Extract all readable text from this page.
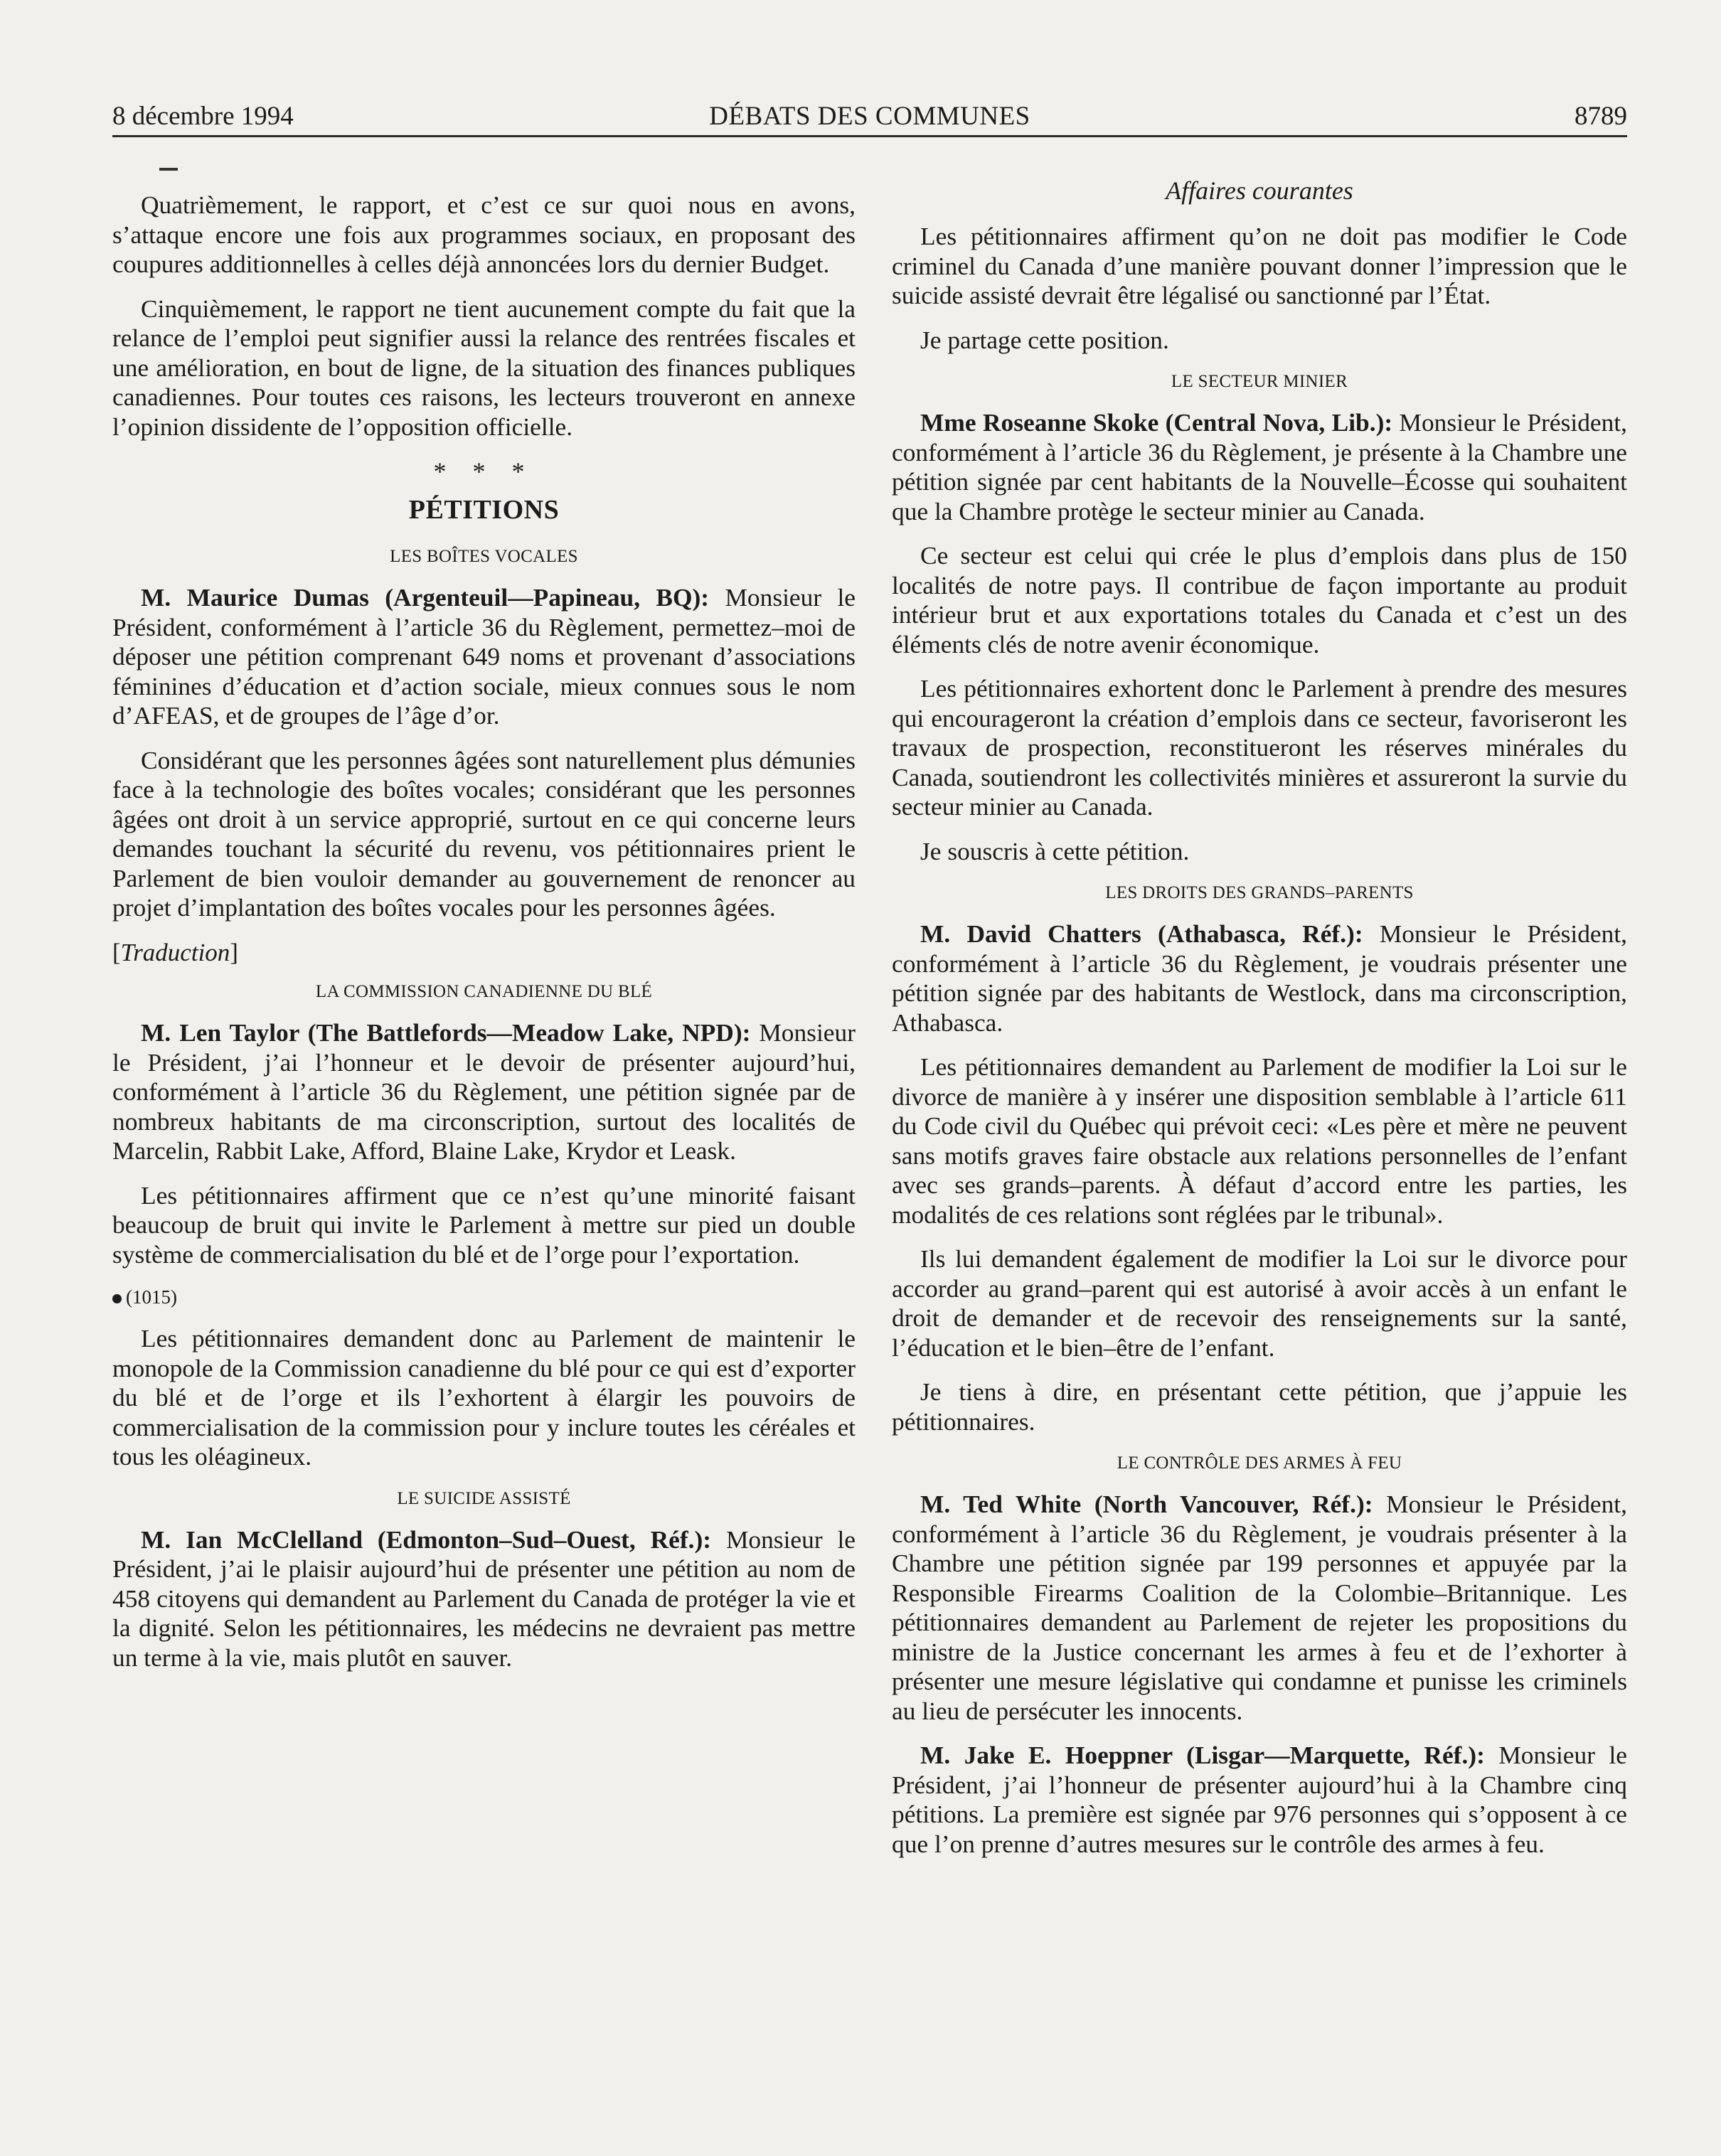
8 décembre 1994	DÉBATS DES COMMUNES	8789

Quatrièmement, le rapport, et c’est ce sur quoi nous en avons, s’attaque encore une fois aux programmes sociaux, en proposant des coupures additionnelles à celles déjà annoncées lors du dernier Budget.

Cinquièmement, le rapport ne tient aucunement compte du fait que la relance de l’emploi peut signifier aussi la relance des rentrées fiscales et une amélioration, en bout de ligne, de la situation des finances publiques canadiennes. Pour toutes ces raisons, les lecteurs trouveront en annexe l’opinion dissidente de l’opposition officielle.

* * *
PÉTITIONS
LES BOÎTES VOCALES

M. Maurice Dumas (Argenteuil—Papineau, BQ): Monsieur le Président, conformément à l’article 36 du Règlement, permettez–moi de déposer une pétition comprenant 649 noms et provenant d’associations féminines d’éducation et d’action sociale, mieux connues sous le nom d’AFEAS, et de groupes de l’âge d’or.

Considérant que les personnes âgées sont naturellement plus démunies face à la technologie des boîtes vocales; considérant que les personnes âgées ont droit à un service approprié, surtout en ce qui concerne leurs demandes touchant la sécurité du revenu, vos pétitionnaires prient le Parlement de bien vouloir demander au gouvernement de renoncer au projet d’implantation des boîtes vocales pour les personnes âgées.

[Traduction]
LA COMMISSION CANADIENNE DU BLÉ

M. Len Taylor (The Battlefords—Meadow Lake, NPD): Monsieur le Président, j’ai l’honneur et le devoir de présenter aujourd’hui, conformément à l’article 36 du Règlement, une pétition signée par de nombreux habitants de ma circonscription, surtout des localités de Marcelin, Rabbit Lake, Afford, Blaine Lake, Krydor et Leask.

Les pétitionnaires affirment que ce n’est qu’une minorité faisant beaucoup de bruit qui invite le Parlement à mettre sur pied un double système de commercialisation du blé et de l’orge pour l’exportation.

(1015)

Les pétitionnaires demandent donc au Parlement de maintenir le monopole de la Commission canadienne du blé pour ce qui est d’exporter du blé et de l’orge et ils l’exhortent à élargir les pouvoirs de commercialisation de la commission pour y inclure toutes les céréales et tous les oléagineux.

LE SUICIDE ASSISTÉ

M. Ian McClelland (Edmonton–Sud–Ouest, Réf.): Monsieur le Président, j’ai le plaisir aujourd’hui de présenter une pétition au nom de 458 citoyens qui demandent au Parlement du Canada de protéger la vie et la dignité. Selon les pétitionnaires, les médecins ne devraient pas mettre un terme à la vie, mais plutôt en sauver.

Affaires courantes

Les pétitionnaires affirment qu’on ne doit pas modifier le Code criminel du Canada d’une manière pouvant donner l’impression que le suicide assisté devrait être légalisé ou sanctionné par l’État.

Je partage cette position.

LE SECTEUR MINIER

Mme Roseanne Skoke (Central Nova, Lib.): Monsieur le Président, conformément à l’article 36 du Règlement, je présente à la Chambre une pétition signée par cent habitants de la Nouvelle–Écosse qui souhaitent que la Chambre protège le secteur minier au Canada.

Ce secteur est celui qui crée le plus d’emplois dans plus de 150 localités de notre pays. Il contribue de façon importante au produit intérieur brut et aux exportations totales du Canada et c’est un des éléments clés de notre avenir économique.

Les pétitionnaires exhortent donc le Parlement à prendre des mesures qui encourageront la création d’emplois dans ce secteur, favoriseront les travaux de prospection, reconstitueront les réserves minérales du Canada, soutiendront les collectivités minières et assureront la survie du secteur minier au Canada.

Je souscris à cette pétition.

LES DROITS DES GRANDS–PARENTS

M. David Chatters (Athabasca, Réf.): Monsieur le Président, conformément à l’article 36 du Règlement, je voudrais présenter une pétition signée par des habitants de Westlock, dans ma circonscription, Athabasca.

Les pétitionnaires demandent au Parlement de modifier la Loi sur le divorce de manière à y insérer une disposition semblable à l’article 611 du Code civil du Québec qui prévoit ceci: «Les père et mère ne peuvent sans motifs graves faire obstacle aux relations personnelles de l’enfant avec ses grands–parents. À défaut d’accord entre les parties, les modalités de ces relations sont réglées par le tribunal».

Ils lui demandent également de modifier la Loi sur le divorce pour accorder au grand–parent qui est autorisé à avoir accès à un enfant le droit de demander et de recevoir des renseignements sur la santé, l’éducation et le bien–être de l’enfant.

Je tiens à dire, en présentant cette pétition, que j’appuie les pétitionnaires.

LE CONTRÔLE DES ARMES À FEU

M. Ted White (North Vancouver, Réf.): Monsieur le Président, conformément à l’article 36 du Règlement, je voudrais présenter à la Chambre une pétition signée par 199 personnes et appuyée par la Responsible Firearms Coalition de la Colombie–Britannique. Les pétitionnaires demandent au Parlement de rejeter les propositions du ministre de la Justice concernant les armes à feu et de l’exhorter à présenter une mesure législative qui condamne et punisse les criminels au lieu de persécuter les innocents.

M. Jake E. Hoeppner (Lisgar—Marquette, Réf.): Monsieur le Président, j’ai l’honneur de présenter aujourd’hui à la Chambre cinq pétitions. La première est signée par 976 personnes qui s’opposent à ce que l’on prenne d’autres mesures sur le contrôle des armes à feu.
